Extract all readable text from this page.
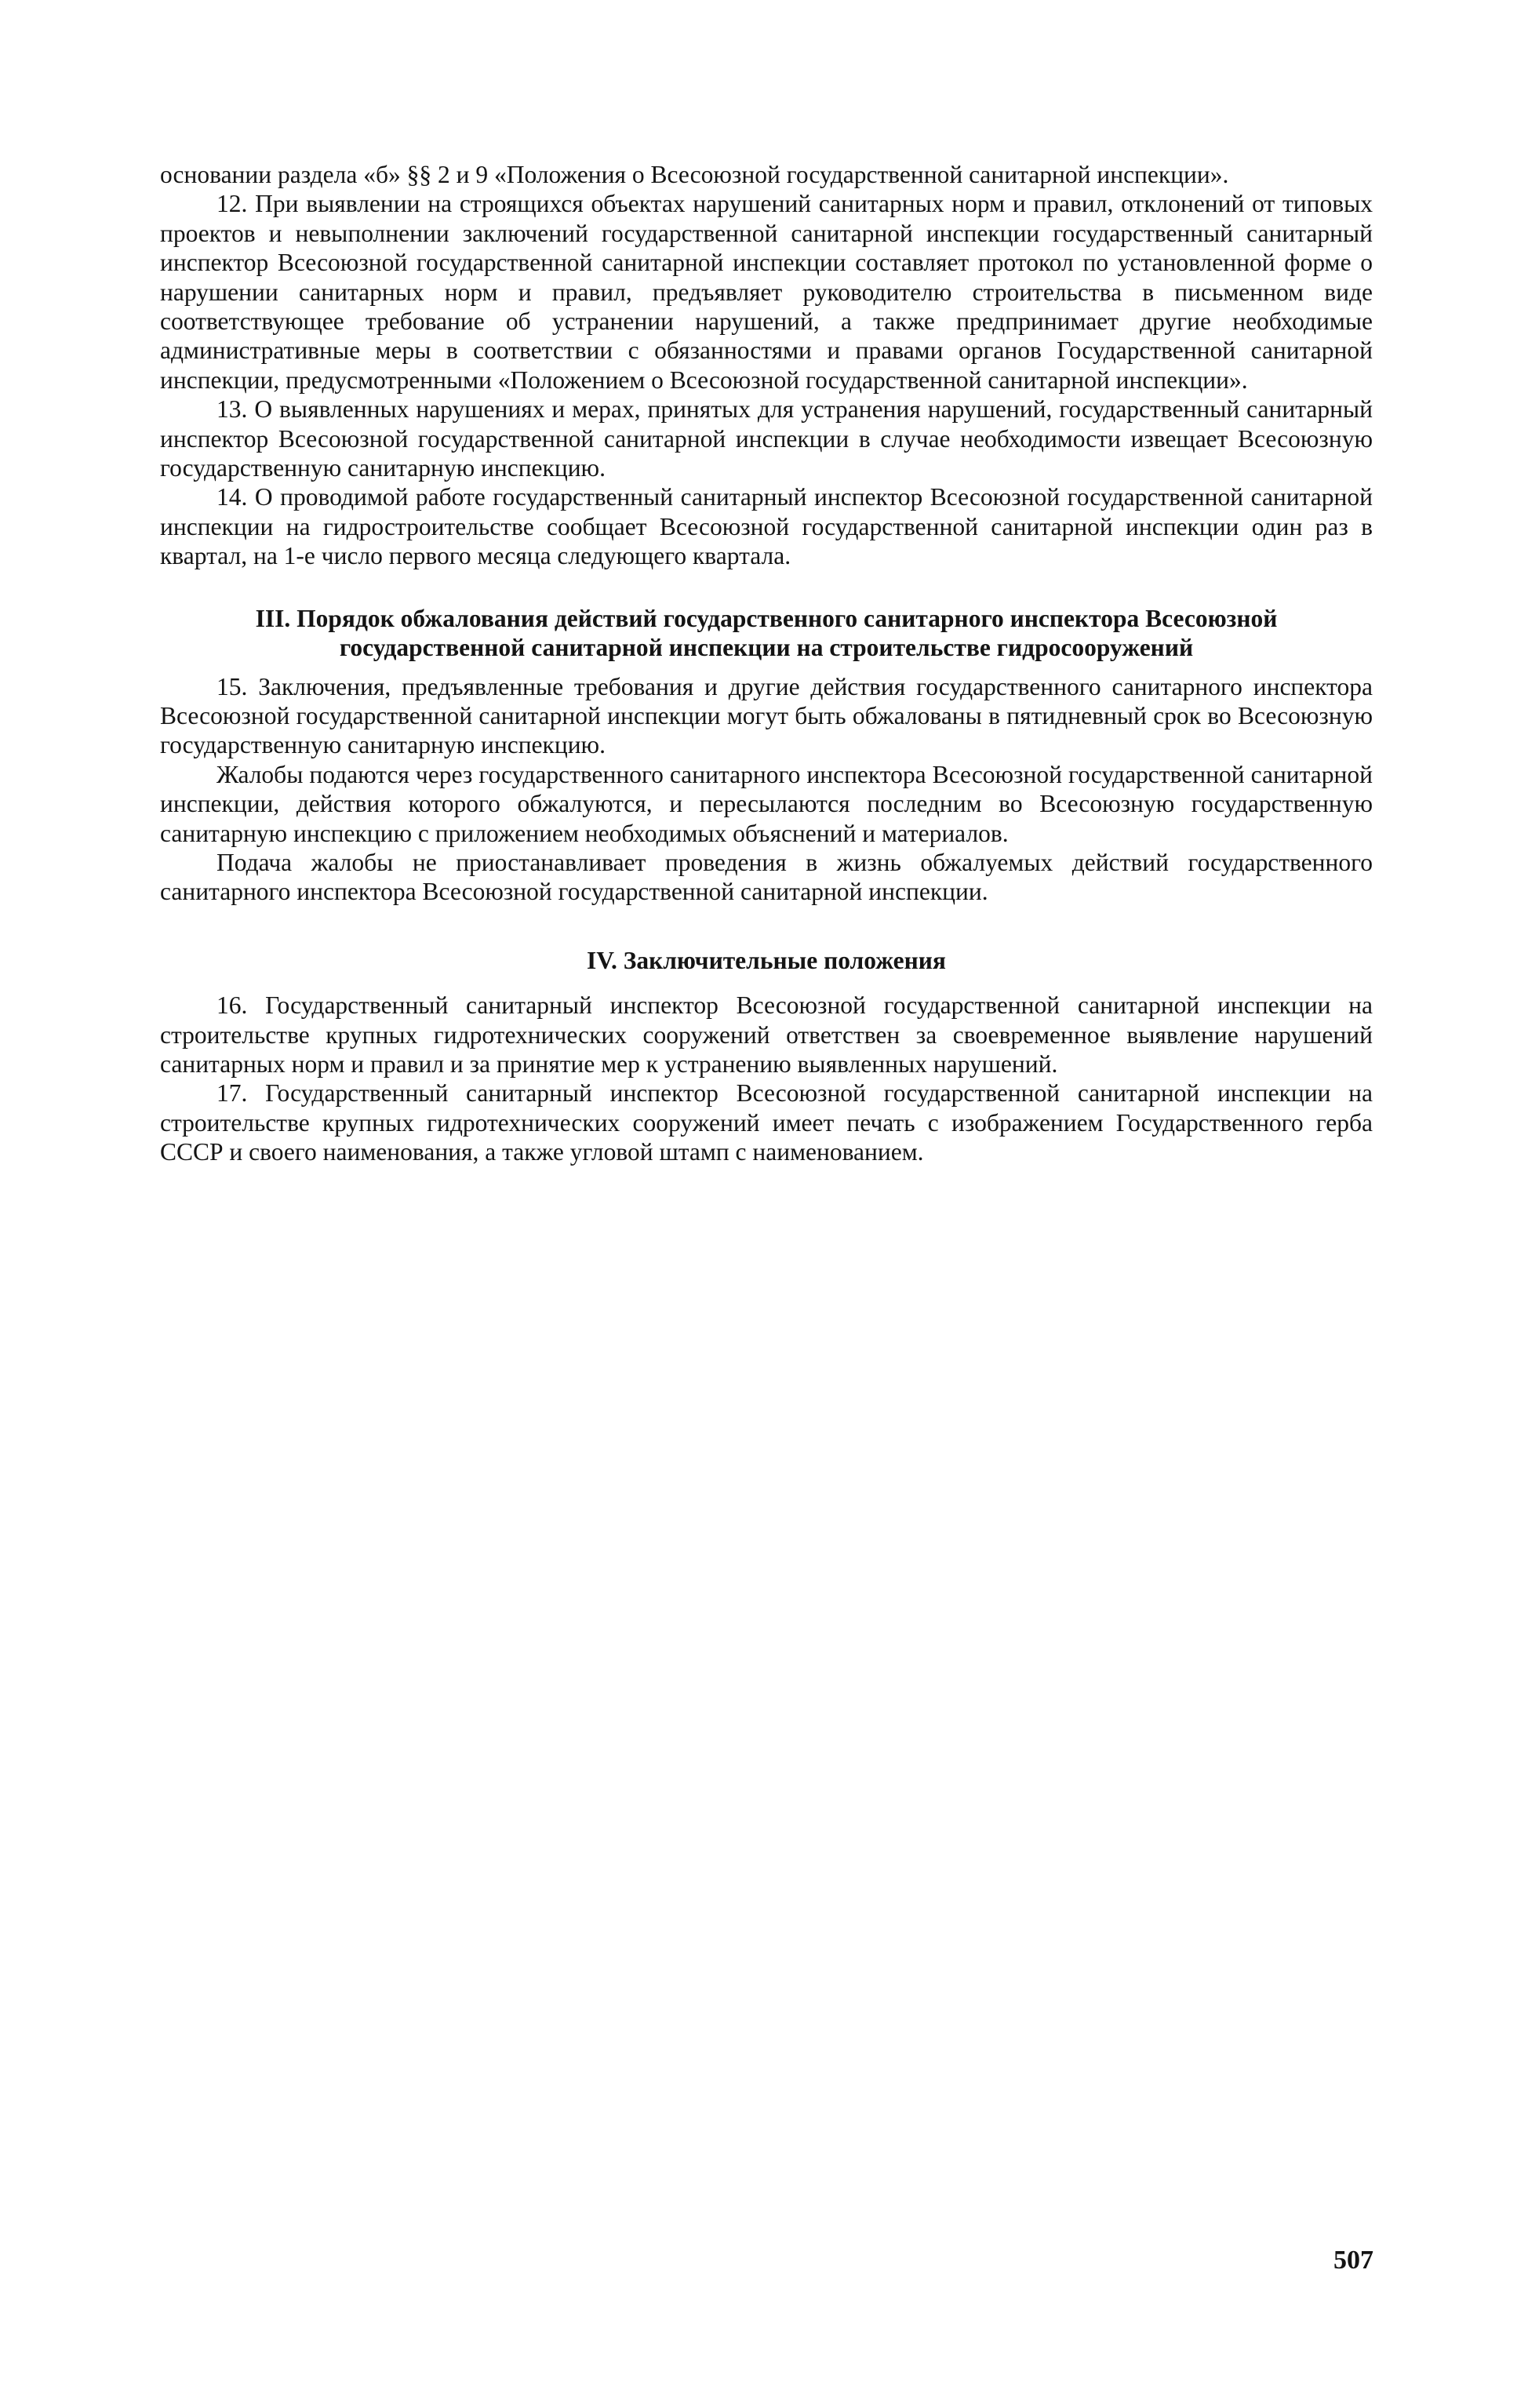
основании раздела «б» §§ 2 и 9 «Положения о Всесоюзной государственной санитарной инспекции».

12. При выявлении на строящихся объектах нарушений санитарных норм и правил, отклонений от типовых проектов и невыполнении заключений государственной санитарной инспекции государственный санитарный инспектор Всесоюзной государственной санитарной инспекции составляет протокол по установленной форме о нарушении санитарных норм и правил, предъявляет руководителю строительства в письменном виде соответствующее требование об устранении нарушений, а также предпринимает другие необходимые административные меры в соответствии с обязанностями и правами органов Государственной санитарной инспекции, предусмотренными «Положением о Всесоюзной государственной санитарной инспекции».

13. О выявленных нарушениях и мерах, принятых для устранения нарушений, государственный санитарный инспектор Всесоюзной государственной санитарной инспекции в случае необходимости извещает Всесоюзную государственную санитарную инспекцию.

14. О проводимой работе государственный санитарный инспектор Всесоюзной государственной санитарной инспекции на гидростроительстве сообщает Всесоюзной государственной санитарной инспекции один раз в квартал, на 1-е число первого месяца следующего квартала.

III. Порядок обжалования действий государственного санитарного инспектора Всесоюзной государственной санитарной инспекции на строительстве гидросооружений

15. Заключения, предъявленные требования и другие действия государственного санитарного инспектора Всесоюзной государственной санитарной инспекции могут быть обжалованы в пятидневный срок во Всесоюзную государственную санитарную инспекцию.

Жалобы подаются через государственного санитарного инспектора Всесоюзной государственной санитарной инспекции, действия которого обжалуются, и пересылаются последним во Всесоюзную государственную санитарную инспекцию с приложением необходимых объяснений и материалов.

Подача жалобы не приостанавливает проведения в жизнь обжалуемых действий государственного санитарного инспектора Всесоюзной государственной санитарной инспекции.

IV. Заключительные положения

16. Государственный санитарный инспектор Всесоюзной государственной санитарной инспекции на строительстве крупных гидротехнических сооружений ответствен за своевременное выявление нарушений санитарных норм и правил и за принятие мер к устранению выявленных нарушений.

17. Государственный санитарный инспектор Всесоюзной государственной санитарной инспекции на строительстве крупных гидротехнических сооружений имеет печать с изображением Государственного герба СССР и своего наименования, а также угловой штамп с наименованием.

507
